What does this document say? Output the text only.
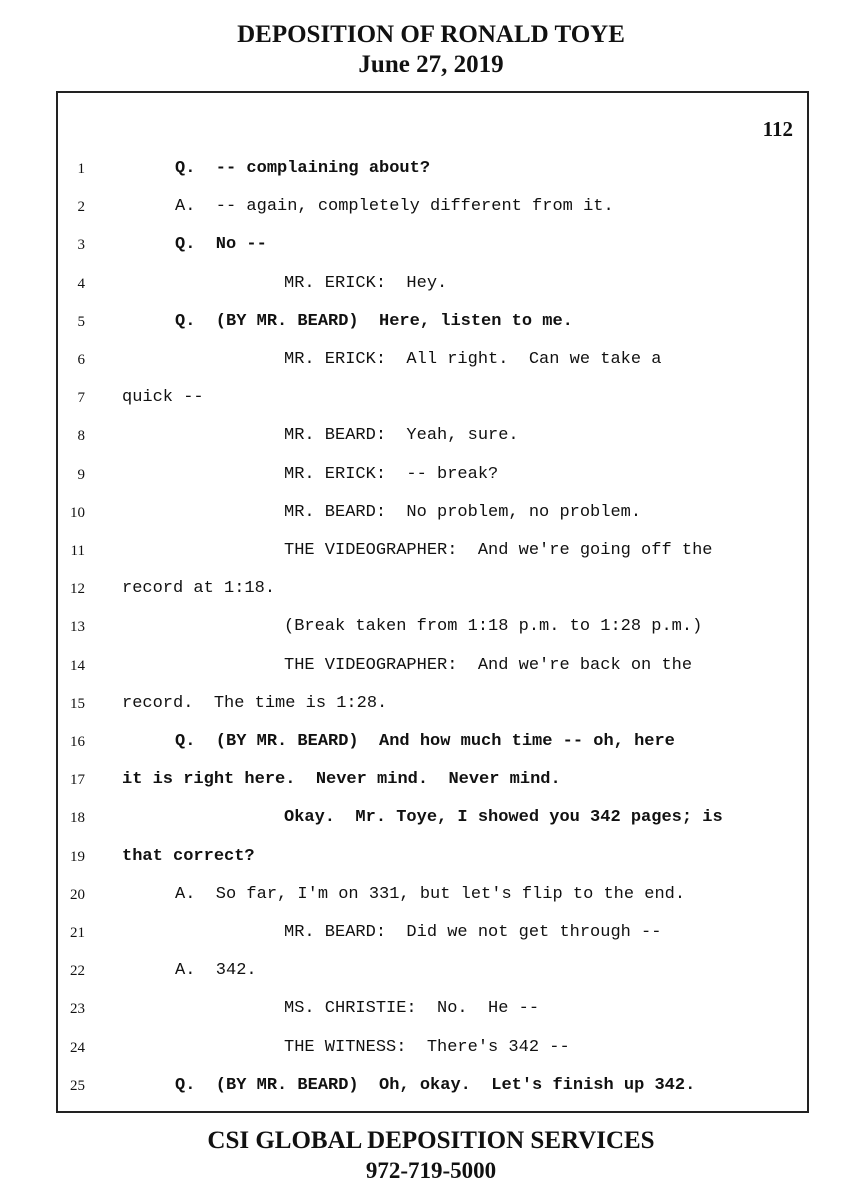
DEPOSITION OF RONALD TOYE
June 27, 2019
112
1	Q.  -- complaining about?
2	A.  -- again, completely different from it.
3	Q.  No --
4	MR. ERICK:  Hey.
5	Q.  (BY MR. BEARD)  Here, listen to me.
6	MR. ERICK:  All right.  Can we take a
7 quick --
8	MR. BEARD:  Yeah, sure.
9	MR. ERICK:  -- break?
10	MR. BEARD:  No problem, no problem.
11	THE VIDEOGRAPHER:  And we're going off the
12 record at 1:18.
13	(Break taken from 1:18 p.m. to 1:28 p.m.)
14	THE VIDEOGRAPHER:  And we're back on the
15 record.  The time is 1:28.
16	Q.  (BY MR. BEARD)  And how much time -- oh, here
17 it is right here.  Never mind.  Never mind.
18	Okay.  Mr. Toye, I showed you 342 pages; is
19 that correct?
20	A.  So far, I'm on 331, but let's flip to the end.
21	MR. BEARD:  Did we not get through --
22	A.  342.
23	MS. CHRISTIE:  No.  He --
24	THE WITNESS:  There's 342 --
25	Q.  (BY MR. BEARD)  Oh, okay.  Let's finish up 342.
CSI GLOBAL DEPOSITION SERVICES
972-719-5000
